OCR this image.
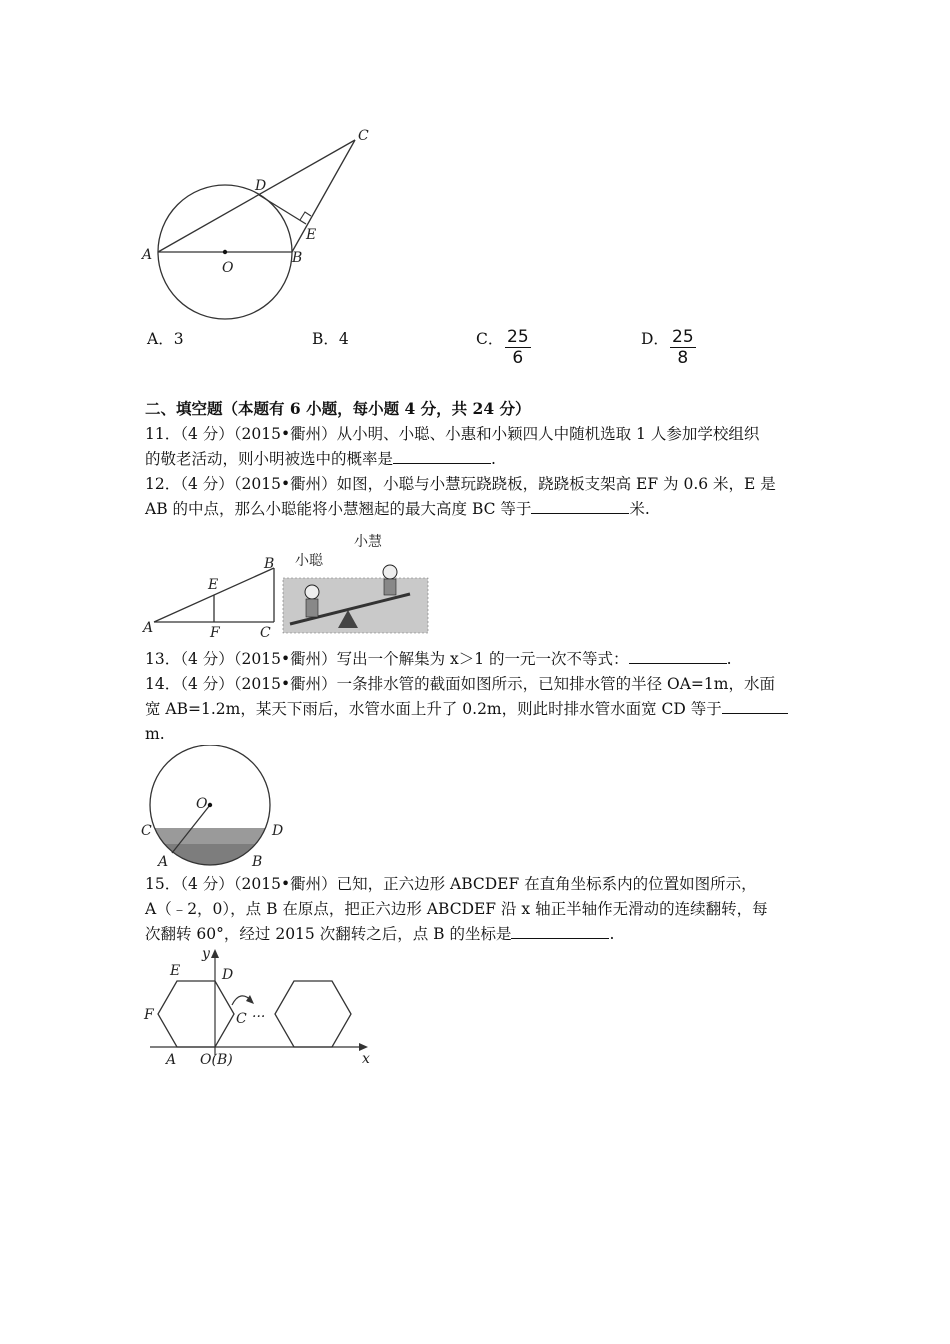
A
O
B
D
E
C
A．3	B．4	C． $\frac{25}{6}$	D． $\frac{25}{8}$
二、填空题（本题有 6 小题，每小题 4 分，共 24 分）
11．（4 分）（2015•衢州）从小明、小聪、小惠和小颖四人中随机选取 1 人参加学校组织
的敬老活动，则小明被选中的概率是	.
12．（4 分）（2015•衢州）如图，小聪与小慧玩跷跷板，跷跷板支架高 EF 为 0.6 米，E 是
AB 的中点，那么小聪能将小慧翘起的最大高度 BC 等于	米.
A	F	C
E
B 小聪
小慧
13．（4 分）（2015•衢州）写出一个解集为 x＞1 的一元一次不等式：	.
14．（4 分）（2015•衢州）一条排水管的截面如图所示，已知排水管的半径 OA=1m，水面
宽 AB=1.2m，某天下雨后，水管水面上升了 0.2m，则此时排水管水面宽 CD 等于
m.
O
C	D
A	B
15．（4 分）（2015•衢州）已知，正六边形 ABCDEF 在直角坐标系内的位置如图所示，
A（﹣2，0），点 B 在原点，把正六边形 ABCDEF 沿 x 轴正半轴作无滑动的连续翻转，每
次翻转 60°，经过 2015 次翻转之后，点 B 的坐标是	.
y
x
E	D
F	C ···
A O(B)
